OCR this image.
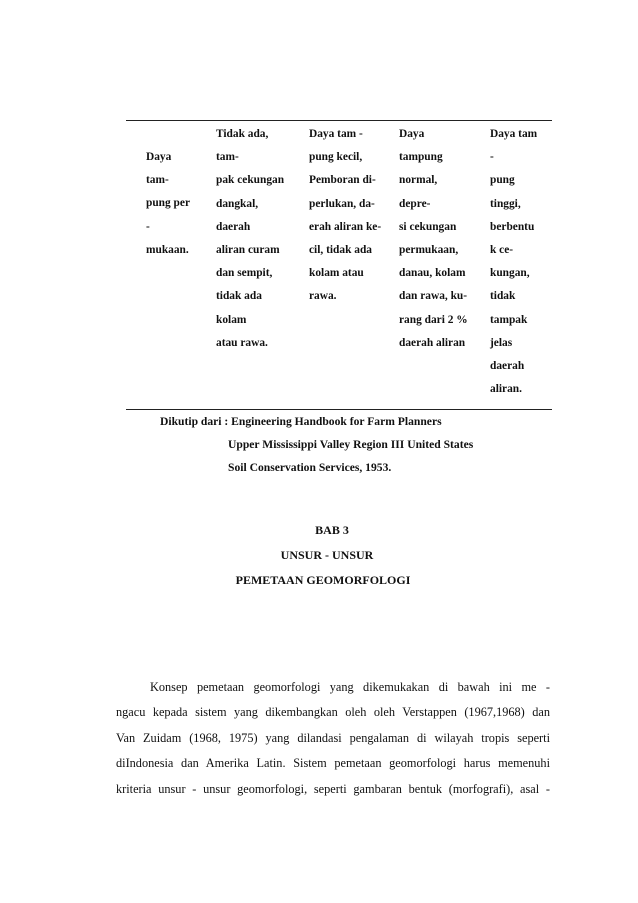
Daya
tam-
pung per
-
mukaan.
Tidak ada,
tam-
pak cekungan
dangkal,
daerah
aliran curam
dan sempit,
tidak ada
kolam
atau rawa.
Daya tam -
pung kecil,
Pemboran di-
perlukan, da-
erah aliran ke-
cil, tidak ada
kolam atau
rawa.
Daya
tampung
normal,
depre-
si cekungan
permukaan,
danau, kolam
dan rawa, ku-
rang dari 2 %
daerah aliran
Daya tam
-
pung
tinggi,
berbentu
k ce-
kungan,
tidak
tampak
jelas
daerah
aliran.
Dikutip dari : Engineering Handbook for Farm Planners
Upper Mississippi Valley Region III United States
Soil Conservation Services, 1953.
BAB 3
UNSUR - UNSUR
PEMETAAN GEOMORFOLOGI
Konsep pemetaan geomorfologi yang dikemukakan di bawah ini me -
ngacu kepada sistem yang dikembangkan oleh oleh Verstappen (1967,1968) dan
Van Zuidam (1968, 1975) yang dilandasi pengalaman di wilayah tropis seperti
diIndonesia dan Amerika Latin. Sistem pemetaan geomorfologi harus memenuhi
kriteria unsur - unsur geomorfologi, seperti gambaran bentuk (morfografi), asal -
